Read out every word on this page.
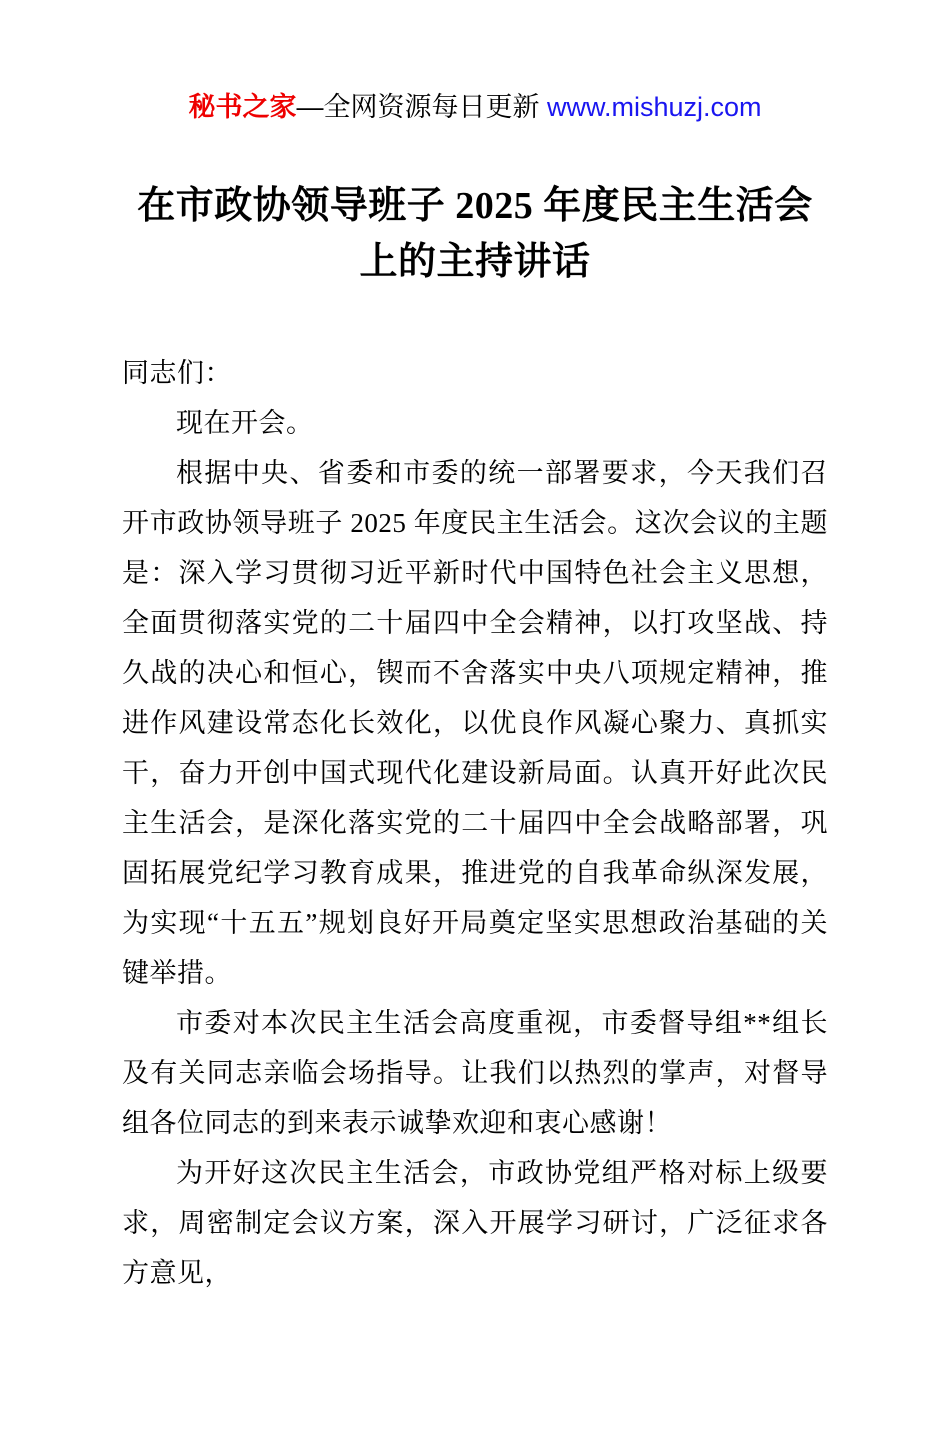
秘书之家—全网资源每日更新 www.mishuzj.com
在市政协领导班子 2025 年度民主生活会上的主持讲话

同志们：

现在开会。

根据中央、省委和市委的统一部署要求，今天我们召开市政协领导班子 2025 年度民主生活会。这次会议的主题是：深入学习贯彻习近平新时代中国特色社会主义思想，全面贯彻落实党的二十届四中全会精神，以打攻坚战、持久战的决心和恒心，锲而不舍落实中央八项规定精神，推进作风建设常态化长效化，以优良作风凝心聚力、真抓实干，奋力开创中国式现代化建设新局面。认真开好此次民主生活会，是深化落实党的二十届四中全会战略部署，巩固拓展党纪学习教育成果，推进党的自我革命纵深发展，为实现“十五五”规划良好开局奠定坚实思想政治基础的关键举措。

市委对本次民主生活会高度重视，市委督导组**组长及有关同志亲临会场指导。让我们以热烈的掌声，对督导组各位同志的到来表示诚挚欢迎和衷心感谢！

为开好这次民主生活会，市政协党组严格对标上级要求，周密制定会议方案，深入开展学习研讨，广泛征求各方意见，
